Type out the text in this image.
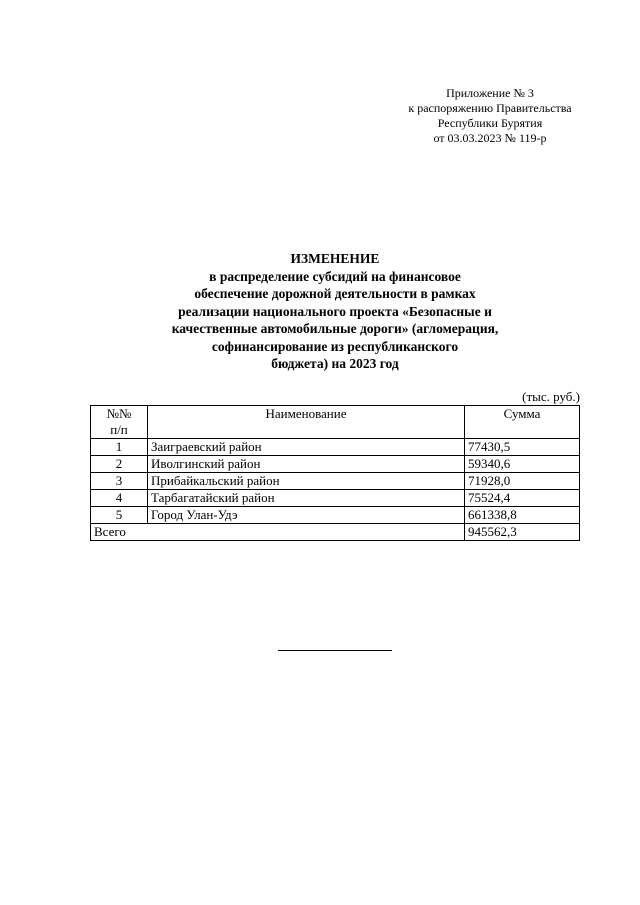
Приложение № 3
к распоряжению Правительства
Республики Бурятия
от 03.03.2023 № 119-р
ИЗМЕНЕНИЕ
в распределение субсидий на финансовое
обеспечение дорожной деятельности в рамках
реализации национального проекта «Безопасные и
качественные автомобильные дороги» (агломерация,
софинансирование из республиканского
бюджета) на 2023 год
(тыс. руб.)
№№
п/п	Наименование	Сумма
1	Заиграевский район	77430,5
2	Иволгинский район	59340,6
3	Прибайкальский район	71928,0
4	Тарбагатайский район	75524,4
5	Город Улан-Удэ	661338,8
Всего		945562,3
